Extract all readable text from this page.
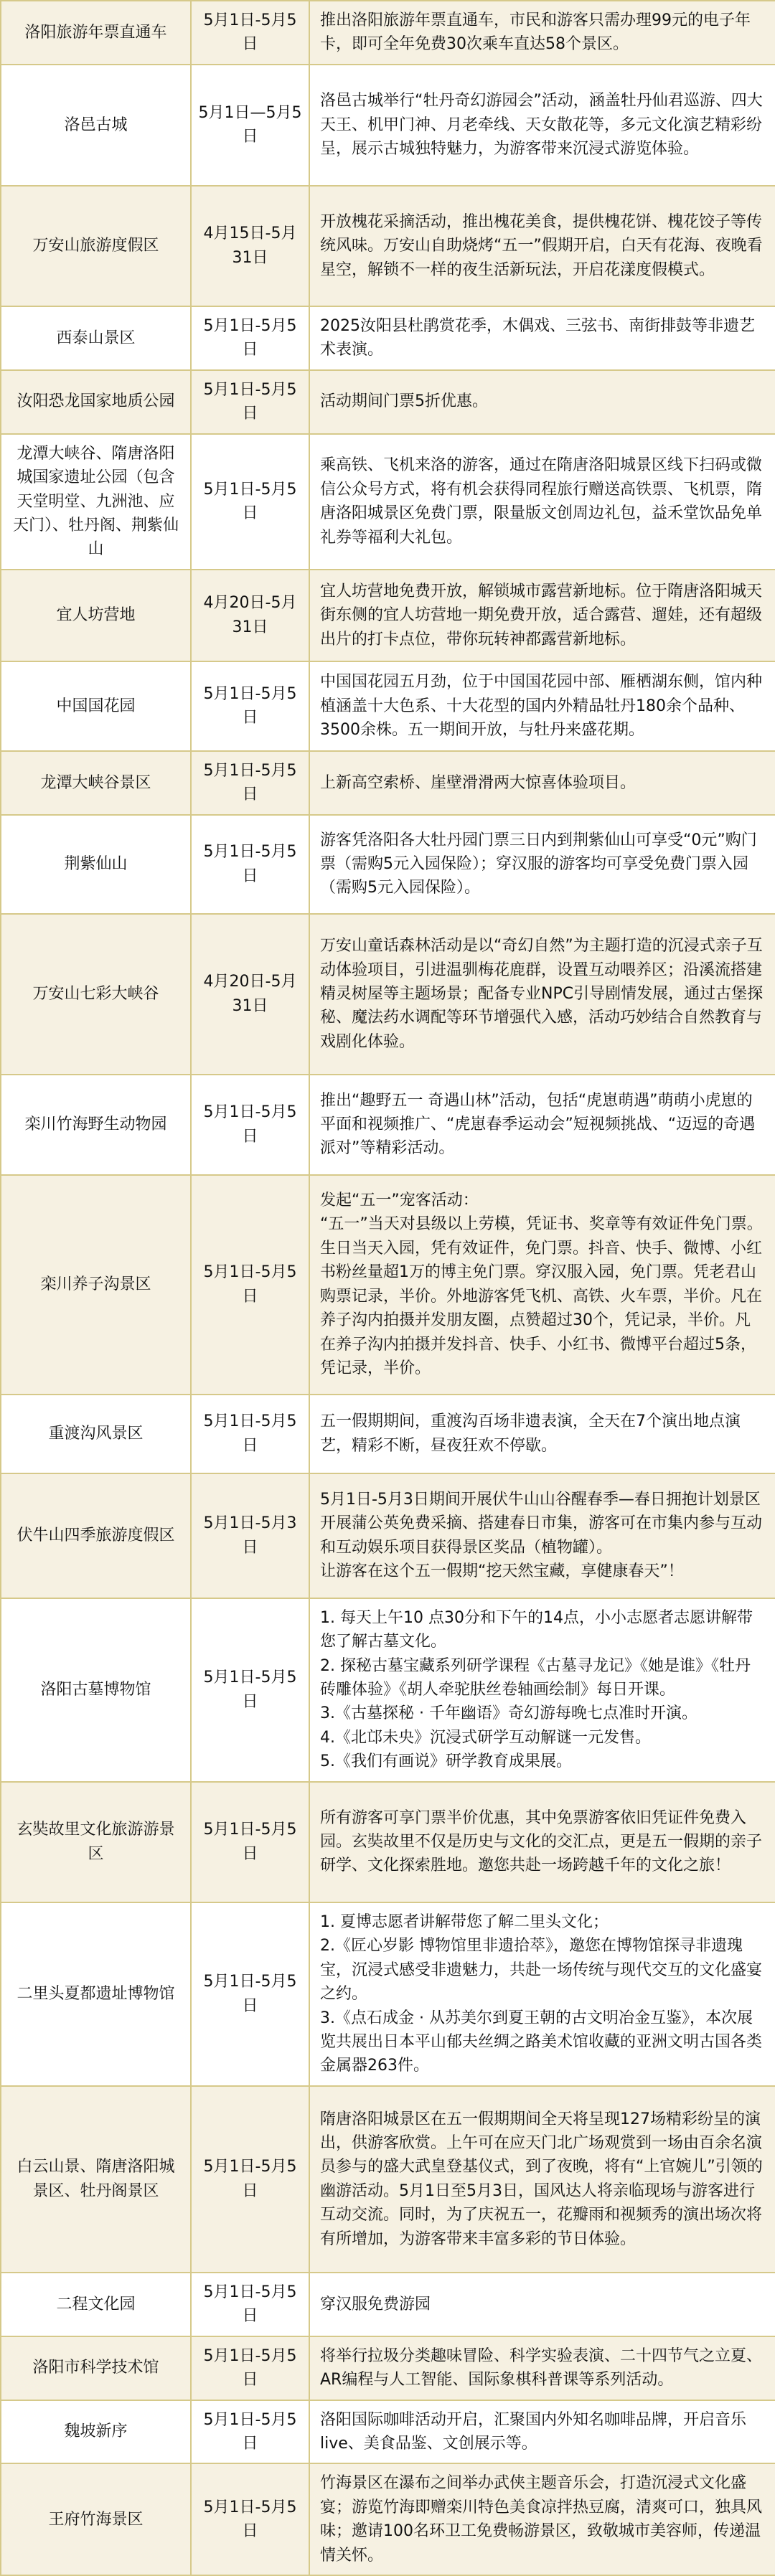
洛阳旅游年票直通车	5月1日-5月5日	推出洛阳旅游年票直通车，市民和游客只需办理99元的电子年卡，即可全年免费30次乘车直达58个景区。
洛邑古城	5月1日—5月5日	洛邑古城举行“牡丹奇幻游园会”活动，涵盖牡丹仙君巡游、四大天王、机甲门神、月老牵线、天女散花等，多元文化演艺精彩纷呈，展示古城独特魅力，为游客带来沉浸式游览体验。
万安山旅游度假区	4月15日-5月31日	开放槐花采摘活动，推出槐花美食，提供槐花饼、槐花饺子等传统风味。万安山自助烧烤“五一”假期开启，白天有花海、夜晚看星空，解锁不一样的夜生活新玩法，开启花漾度假模式。
西泰山景区	5月1日-5月5日	2025汝阳县杜鹃赏花季，木偶戏、三弦书、南街排鼓等非遗艺术表演。
汝阳恐龙国家地质公园	5月1日-5月5日	活动期间门票5折优惠。
龙潭大峡谷、隋唐洛阳城国家遗址公园（包含天堂明堂、九洲池、应天门）、牡丹阁、荆紫仙山	5月1日-5月5日	乘高铁、飞机来洛的游客，通过在隋唐洛阳城景区线下扫码或微信公众号方式，将有机会获得同程旅行赠送高铁票、飞机票，隋唐洛阳城景区免费门票，限量版文创周边礼包，益禾堂饮品免单礼券等福利大礼包。
宜人坊营地	4月20日-5月31日	宜人坊营地免费开放，解锁城市露营新地标。位于隋唐洛阳城天街东侧的宜人坊营地一期免费开放，适合露营、遛娃，还有超级出片的打卡点位，带你玩转神都露营新地标。
中国国花园	5月1日-5月5日	中国国花园五月劲，位于中国国花园中部、雁栖湖东侧，馆内种植涵盖十大色系、十大花型的国内外精品牡丹180余个品种、3500余株。五一期间开放，与牡丹来盛花期。
龙潭大峡谷景区	5月1日-5月5日	上新高空索桥、崖壁滑滑两大惊喜体验项目。
荆紫仙山	5月1日-5月5日	游客凭洛阳各大牡丹园门票三日内到荆紫仙山可享受“0元”购门票（需购5元入园保险）；穿汉服的游客均可享受免费门票入园（需购5元入园保险）。
万安山七彩大峡谷	4月20日-5月31日	万安山童话森林活动是以“奇幻自然”为主题打造的沉浸式亲子互动体验项目，引进温驯梅花鹿群，设置互动喂养区；沿溪流搭建精灵树屋等主题场景；配备专业NPC引导剧情发展，通过古堡探秘、魔法药水调配等环节增强代入感，活动巧妙结合自然教育与戏剧化体验。
栾川竹海野生动物园	5月1日-5月5日	推出“趣野五一 奇遇山林”活动，包括“虎崽萌遇”萌萌小虎崽的平面和视频推广、“虎崽春季运动会”短视频挑战、“迈逗的奇遇派对”等精彩活动。
栾川养子沟景区	5月1日-5月5日	发起“五一”宠客活动：

“五一”当天对县级以上劳模，凭证书、奖章等有效证件免门票。生日当天入园，凭有效证件，免门票。抖音、快手、微博、小红书粉丝量超1万的博主免门票。穿汉服入园，免门票。凭老君山购票记录，半价。外地游客凭飞机、高铁、火车票，半价。凡在养子沟内拍摄并发朋友圈，点赞超过30个，凭记录，半价。凡在养子沟内拍摄并发抖音、快手、小红书、微博平台超过5条，凭记录，半价。

重渡沟风景区	5月1日-5月5日	五一假期期间，重渡沟百场非遗表演，全天在7个演出地点演艺，精彩不断，昼夜狂欢不停歇。
伏牛山四季旅游度假区	5月1日-5月3日	5月1日-5月3日期间开展伏牛山山谷醒春季—春日拥抱计划景区开展蒲公英免费采摘、搭建春日市集，游客可在市集内参与互动和互动娱乐项目获得景区奖品（植物罐）。

让游客在这个五一假期“挖天然宝藏，享健康春天”！

洛阳古墓博物馆	5月1日-5月5日	1. 每天上午10 点30分和下午的14点，小小志愿者志愿讲解带您了解古墓文化。

2. 探秘古墓宝藏系列研学课程《古墓寻龙记》《她是谁》《牡丹砖雕体验》《胡人牵驼肤丝卷轴画绘制》每日开课。

3.《古墓探秘 · 千年幽语》奇幻游每晚七点准时开演。

4.《北邙未央》沉浸式研学互动解谜一元发售。

5.《我们有画说》研学教育成果展。

玄奘故里文化旅游游景区	5月1日-5月5日	所有游客可享门票半价优惠，其中免票游客依旧凭证件免费入园。玄奘故里不仅是历史与文化的交汇点，更是五一假期的亲子研学、文化探索胜地。邀您共赴一场跨越千年的文化之旅！
二里头夏都遗址博物馆	5月1日-5月5日	1. 夏博志愿者讲解带您了解二里头文化；

2.《匠心岁影 博物馆里非遗拾萃》，邀您在博物馆探寻非遗瑰宝，沉浸式感受非遗魅力，共赴一场传统与现代交互的文化盛宴之约。

3.《点石成金 · 从苏美尔到夏王朝的古文明冶金互鉴》，本次展览共展出日本平山郁夫丝绸之路美术馆收藏的亚洲文明古国各类金属器263件。

白云山景、隋唐洛阳城景区、牡丹阁景区	5月1日-5月5日	隋唐洛阳城景区在五一假期期间全天将呈现127场精彩纷呈的演出，供游客欣赏。上午可在应天门北广场观赏到一场由百余名演员参与的盛大武皇登基仪式，到了夜晚，将有“上官婉儿”引领的幽游活动。5月1日至5月3日，国风达人将亲临现场与游客进行互动交流。同时，为了庆祝五一，花瓣雨和视频秀的演出场次将有所增加，为游客带来丰富多彩的节日体验。
二程文化园	5月1日-5月5日	穿汉服免费游园
洛阳市科学技术馆	5月1日-5月5日	将举行拉圾分类趣味冒险、科学实验表演、二十四节气之立夏、AR编程与人工智能、国际象棋科普课等系列活动。
魏坡新序	5月1日-5月5日	洛阳国际咖啡活动开启，汇聚国内外知名咖啡品牌，开启音乐live、美食品鉴、文创展示等。
王府竹海景区	5月1日-5月5日	竹海景区在瀑布之间举办武侠主题音乐会，打造沉浸式文化盛宴；游览竹海即赠栾川特色美食凉拌热豆腐，清爽可口，独具风味；邀请100名环卫工免费畅游景区，致敬城市美容师，传递温情关怀。
